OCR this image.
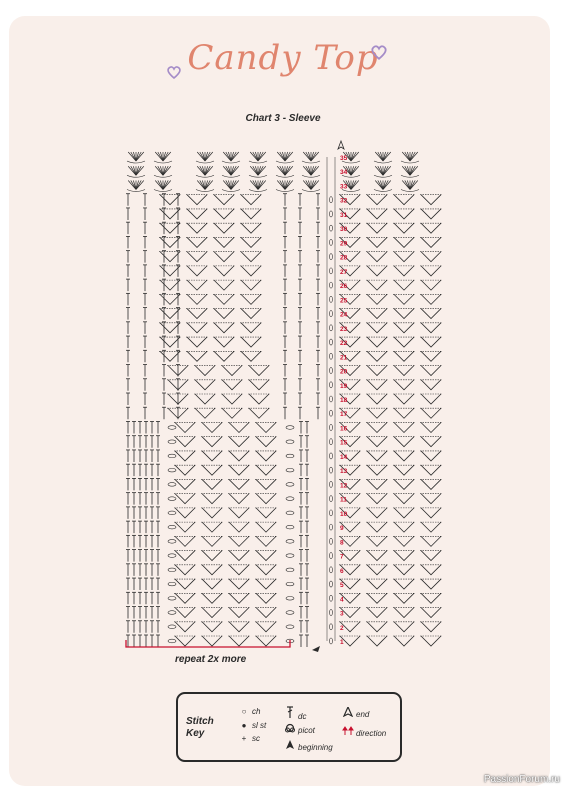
Candy Top
Chart 3 - Sleeve
1
2
3
4
5
6
7
8
9
10
11
12
13
14
15
16
17
18
19
20
21
22
23
24
25
26
27
28
29
30
31
32
33
34
35
repeat 2x more
Stitch
Key
○ ch
● sl st
+ sc
dc
picot
beginning
end
direction
PassionForum.ru
